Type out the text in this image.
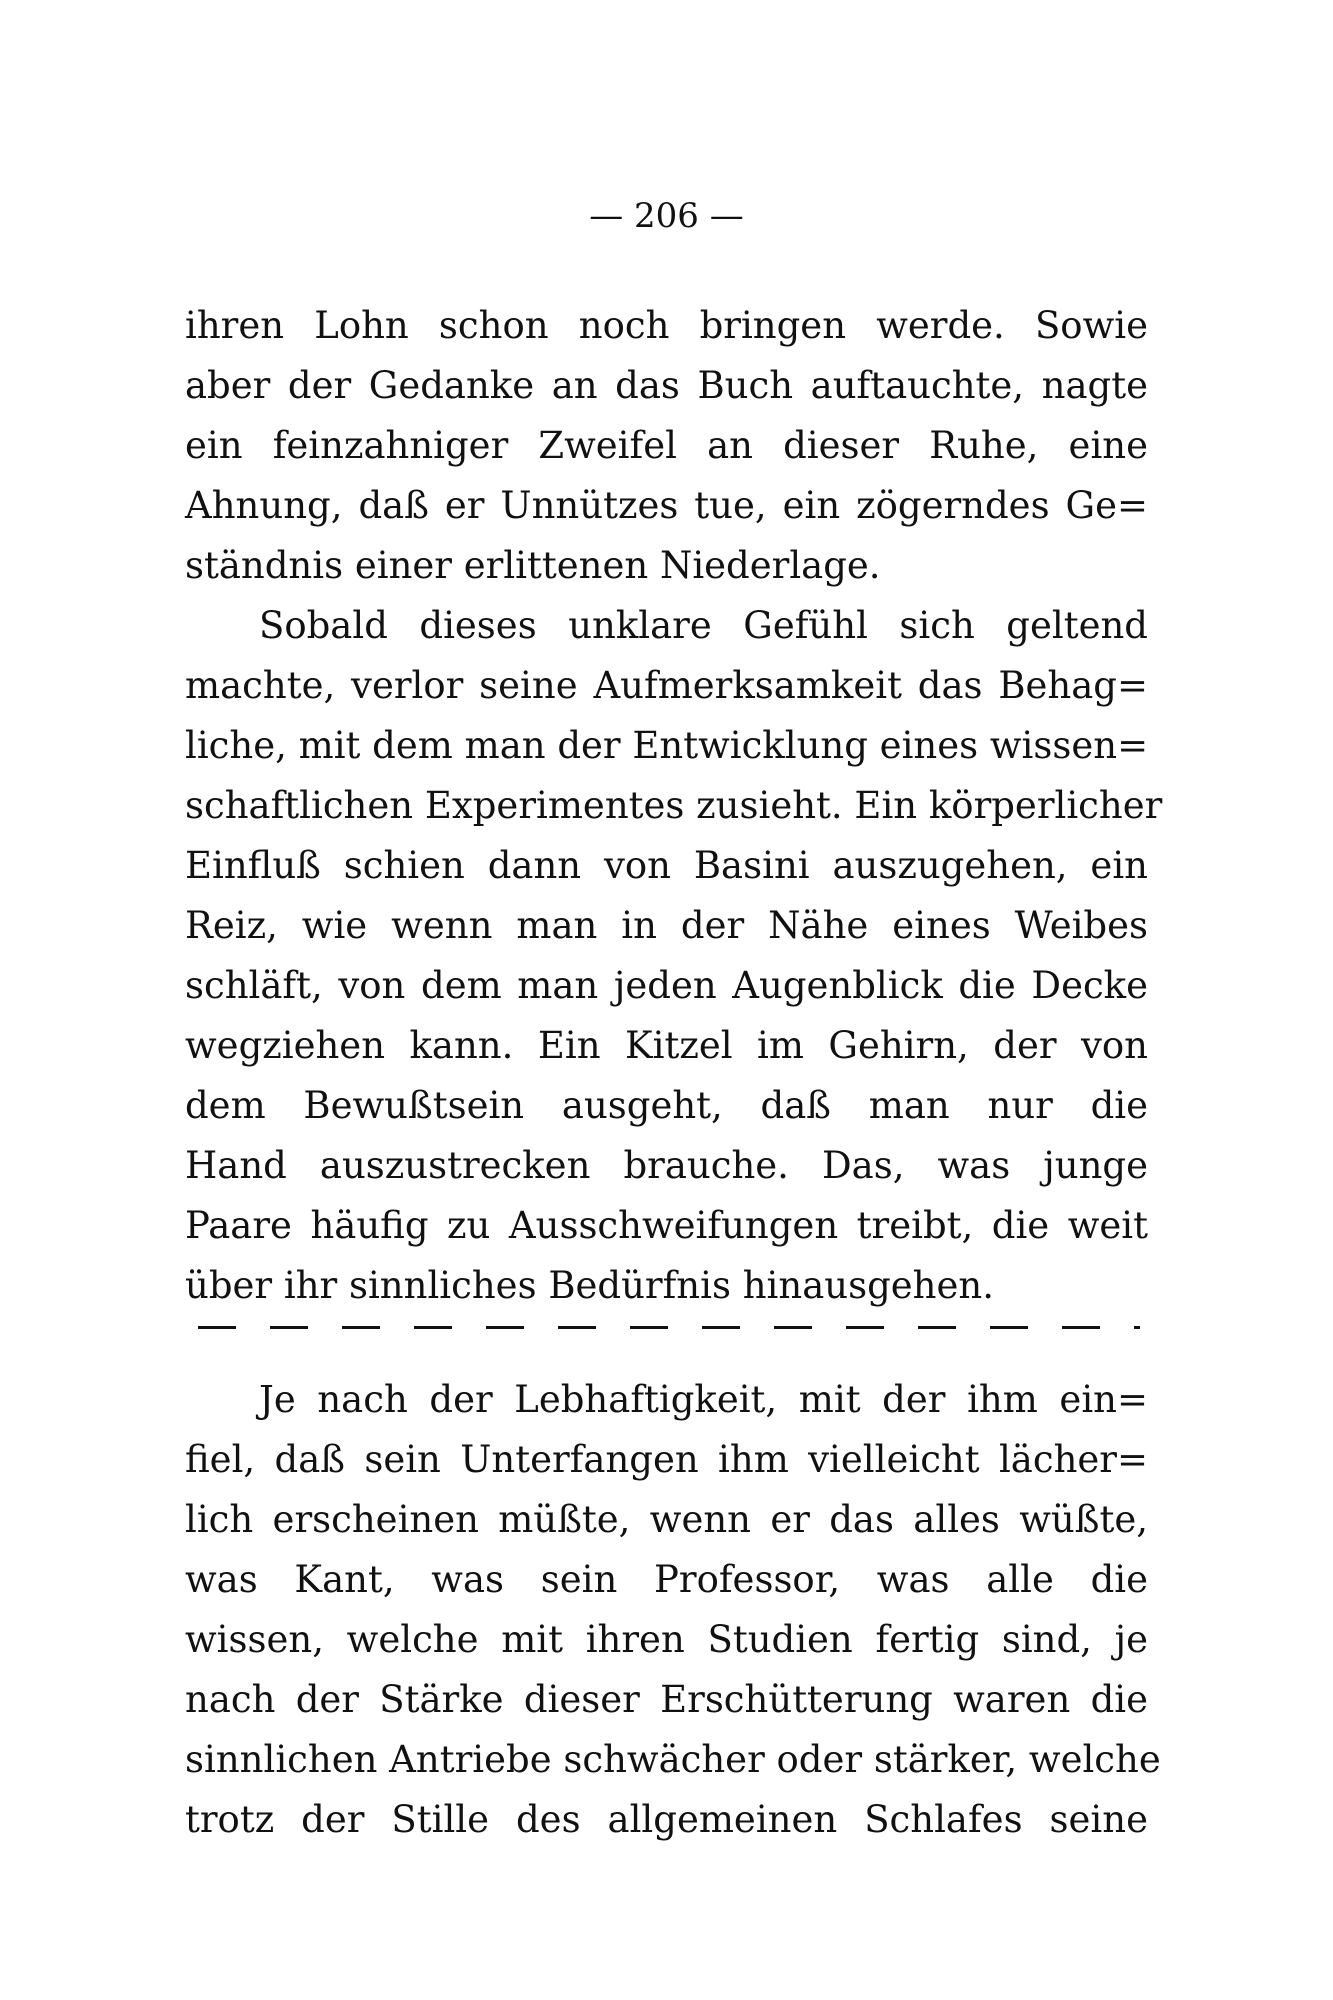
— 206 —
ihren Lohn schon noch bringen werde. Sowie
aber der Gedanke an das Buch auftauchte, nagte
ein feinzahniger Zweifel an dieser Ruhe, eine
Ahnung, daß er Unnützes tue, ein zögerndes Ge=
ständnis einer erlittenen Niederlage.
Sobald dieses unklare Gefühl sich geltend
machte, verlor seine Aufmerksamkeit das Behag=
liche, mit dem man der Entwicklung eines wissen=
schaftlichen Experimentes zusieht. Ein körperlicher
Einfluß schien dann von Basini auszugehen, ein
Reiz, wie wenn man in der Nähe eines Weibes
schläft, von dem man jeden Augenblick die Decke
wegziehen kann. Ein Kitzel im Gehirn, der von
dem Bewußtsein ausgeht, daß man nur die
Hand auszustrecken brauche. Das, was junge
Paare häufig zu Ausschweifungen treibt, die weit
über ihr sinnliches Bedürfnis hinausgehen.
Je nach der Lebhaftigkeit, mit der ihm ein=
fiel, daß sein Unterfangen ihm vielleicht lächer=
lich erscheinen müßte, wenn er das alles wüßte,
was Kant, was sein Professor, was alle die
wissen, welche mit ihren Studien fertig sind, je
nach der Stärke dieser Erschütterung waren die
sinnlichen Antriebe schwächer oder stärker, welche
trotz der Stille des allgemeinen Schlafes seine
